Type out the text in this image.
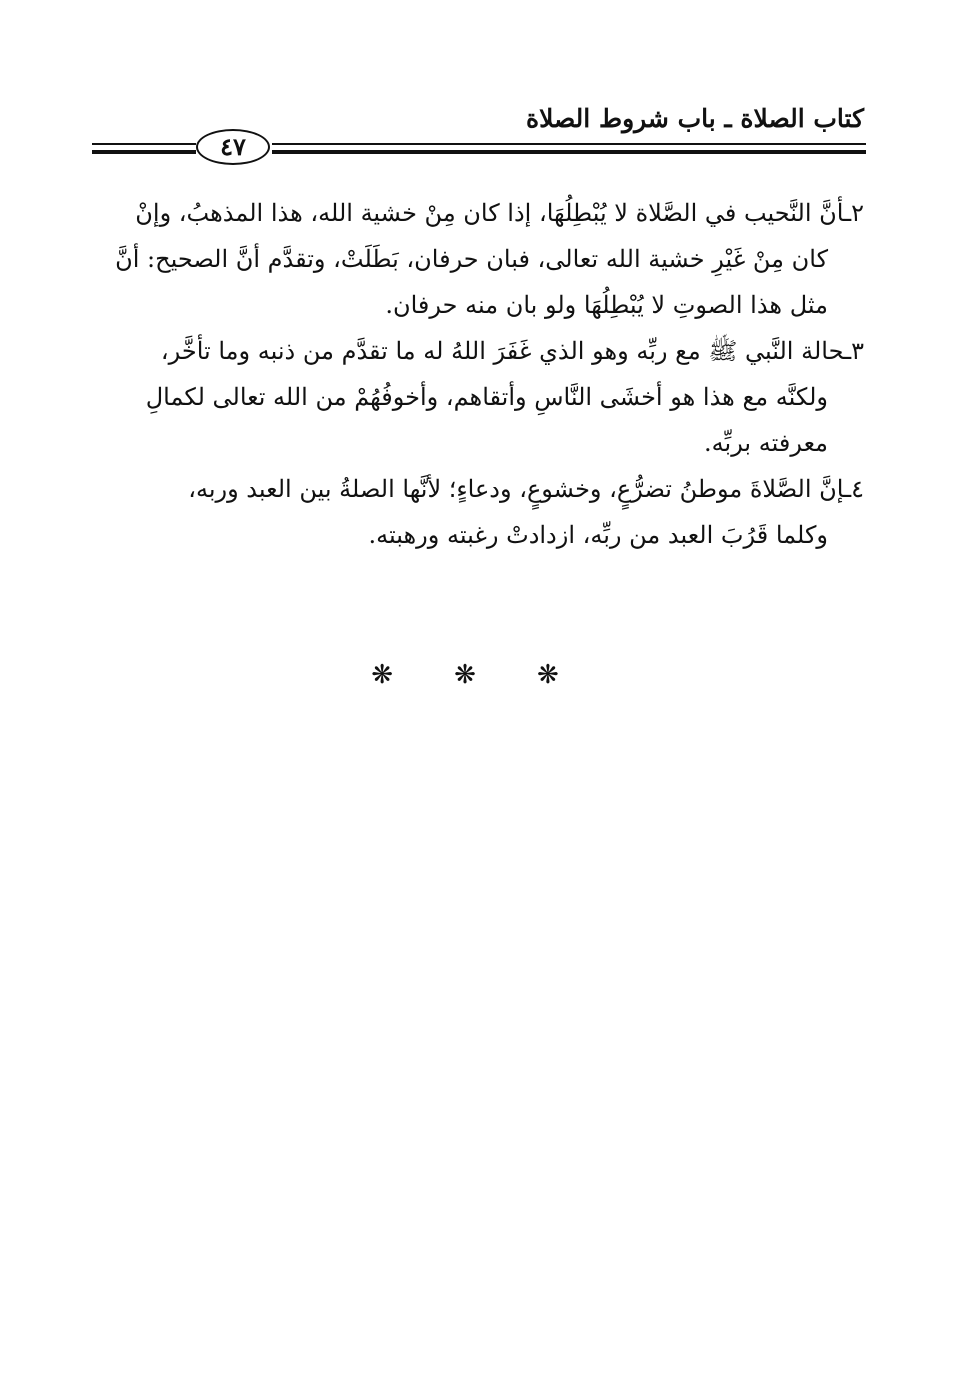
كتاب الصلاة ـ باب شروط الصلاة
٤٧
٢ـأنَّ النَّحيب في الصَّلاة لا يُبْطِلُهَا، إذا كان مِنْ خشية الله، هذا المذهبُ، وإنْ
كان مِنْ غَيْرِ خشية الله تعالى، فبان حرفان، بَطَلَتْ، وتقدَّم أنَّ الصحيح: أنَّ
مثل هذا الصوتِ لا يُبْطِلُهَا ولو بان منه حرفان.
٣ـحالة النَّبي ﷺ مع ربِّه وهو الذي غَفَرَ اللهُ له ما تقدَّم من ذنبه وما تأخَّر،
ولكنَّه مع هذا هو أخشَى النَّاسِ وأتقاهم، وأخوفُهُمْ من الله تعالى لكمالِ
معرفته بربِّه.
٤ـإنَّ الصَّلاةَ موطنُ تضرُّعٍ، وخشوعٍ، ودعاءٍ؛ لأنَّها الصلةُ بين العبد وربه،
وكلما قَرُبَ العبد من ربِّه، ازدادتْ رغبته ورهبته.
❋ ❋ ❋
